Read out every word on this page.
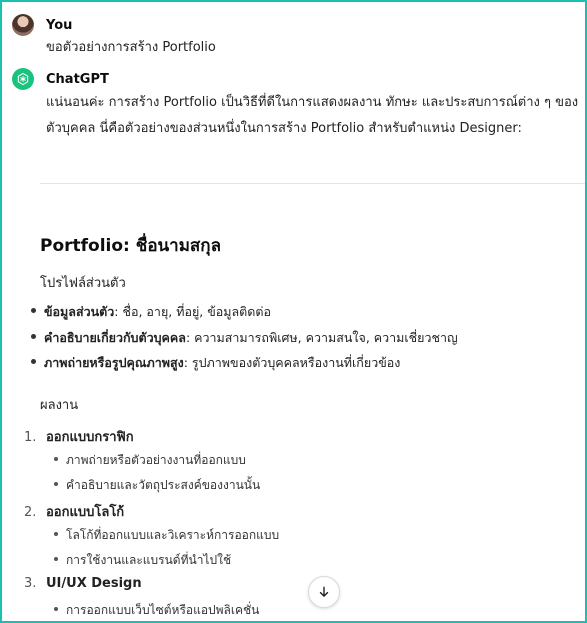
You
ขอตัวอย่างการสร้าง Portfolio
ChatGPT
แน่นอนค่ะ การสร้าง Portfolio เป็นวิธีที่ดีในการแสดงผลงาน ทักษะ และประสบการณ์ต่าง ๆ ของ
ตัวบุคคล นี่คือตัวอย่างของส่วนหนึ่งในการสร้าง Portfolio สำหรับตำแหน่ง Designer:
Portfolio: ชื่อนามสกุล
โปรไฟล์ส่วนตัว
ข้อมูลส่วนตัว: ชื่อ, อายุ, ที่อยู่, ข้อมูลติดต่อ
คำอธิบายเกี่ยวกับตัวบุคคล: ความสามารถพิเศษ, ความสนใจ, ความเชี่ยวชาญ
ภาพถ่ายหรือรูปคุณภาพสูง: รูปภาพของตัวบุคคลหรืองานที่เกี่ยวข้อง
ผลงาน
1. ออกแบบกราฟิก
ภาพถ่ายหรือตัวอย่างงานที่ออกแบบ
คำอธิบายและวัตถุประสงค์ของงานนั้น
2. ออกแบบโลโก้
โลโก้ที่ออกแบบและวิเคราะห์การออกแบบ
การใช้งานและแบรนด์ที่นำไปใช้
3. UI/UX Design
การออกแบบเว็บไซต์หรือแอปพลิเคชั่น
